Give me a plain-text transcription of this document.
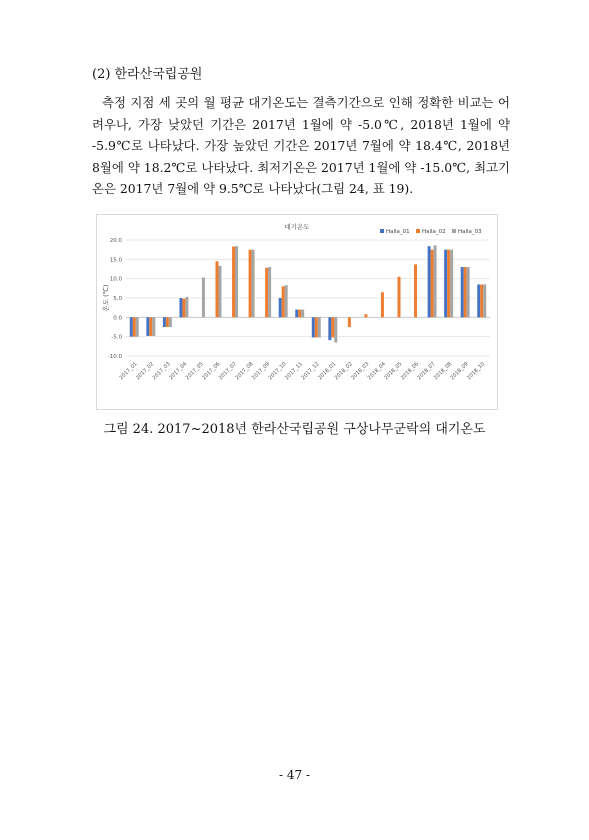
(2) 한라산국립공원

측정 지점 세 곳의 월 평균 대기온도는 결측기간으로 인해 정확한 비교는 어려우나, 가장 낮았던 기간은 2017년 1월에 약 -5.0℃, 2018년 1월에 약 -5.9℃로 나타났다. 가장 높았던 기간은 2017년 7월에 약 18.4℃, 2018년 8월에 약 18.2℃로 나타났다. 최저기온은 2017년 1월에 약 -15.0℃, 최고기온은 2017년 7월에 약 9.5℃로 나타났다(그림 24, 표 19).

대기온도
온도 (℃)
20.0
15.0
10.0
5.0
0.0
-5.0
-10.0
2017_01
2017_02
2017_03
2017_04
2017_05
2017_06
2017_07
2017_08
2017_09
2017_10
2017_11
2017_12
2018_01
2018_02
2018_03
2018_04
2018_05
2018_06
2018_07
2018_08
2018_09
2018_10
Halla_01 Halla_02 Halla_03
그림 24. 2017~2018년 한라산국립공원 구상나무군락의 대기온도
- 47 -
